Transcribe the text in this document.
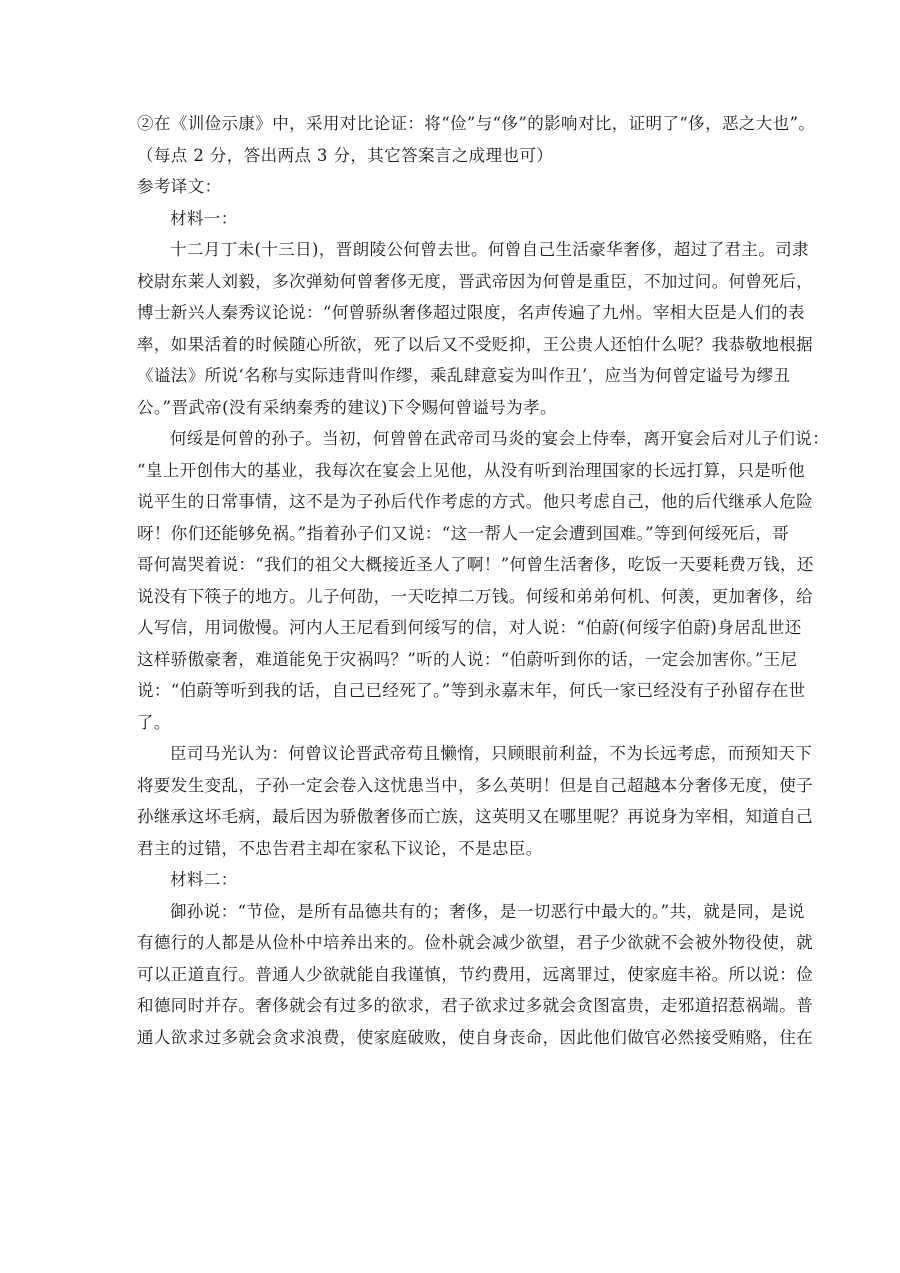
②在《训俭示康》中，采用对比论证：将“俭”与“侈”的影响对比，证明了“侈，恶之大也”。
（每点 2 分，答出两点 3 分，其它答案言之成理也可）
参考译文：
材料一：
十二月丁未(十三日)，晋朗陵公何曾去世。何曾自己生活豪华奢侈，超过了君主。司隶
校尉东莱人刘毅，多次弹劾何曾奢侈无度，晋武帝因为何曾是重臣，不加过问。何曾死后，
博士新兴人秦秀议论说：“何曾骄纵奢侈超过限度，名声传遍了九州。宰相大臣是人们的表
率，如果活着的时候随心所欲，死了以后又不受贬抑，王公贵人还怕什么呢？我恭敬地根据
《谥法》所说‘名称与实际违背叫作缪，乘乱肆意妄为叫作丑’，应当为何曾定谥号为缪丑
公。”晋武帝(没有采纳秦秀的建议)下令赐何曾谥号为孝。
何绥是何曾的孙子。当初，何曾曾在武帝司马炎的宴会上侍奉，离开宴会后对儿子们说：
“皇上开创伟大的基业，我每次在宴会上见他，从没有听到治理国家的长远打算，只是听他
说平生的日常事情，这不是为子孙后代作考虑的方式。他只考虑自己，他的后代继承人危险
呀！你们还能够免祸。”指着孙子们又说：“这一帮人一定会遭到国难。”等到何绥死后，哥
哥何嵩哭着说：“我们的祖父大概接近圣人了啊！”何曾生活奢侈，吃饭一天要耗费万钱，还
说没有下筷子的地方。儿子何劭，一天吃掉二万钱。何绥和弟弟何机、何羡，更加奢侈，给
人写信，用词傲慢。河内人王尼看到何绥写的信，对人说：“伯蔚(何绥字伯蔚)身居乱世还
这样骄傲豪奢，难道能免于灾祸吗？”听的人说：“伯蔚听到你的话，一定会加害你。”王尼
说：“伯蔚等听到我的话，自己已经死了。”等到永嘉末年，何氏一家已经没有子孙留存在世
了。
臣司马光认为：何曾议论晋武帝苟且懒惰，只顾眼前利益，不为长远考虑，而预知天下
将要发生变乱，子孙一定会卷入这忧患当中，多么英明！但是自己超越本分奢侈无度，使子
孙继承这坏毛病，最后因为骄傲奢侈而亡族，这英明又在哪里呢？再说身为宰相，知道自己
君主的过错，不忠告君主却在家私下议论，不是忠臣。
材料二：
御孙说：“节俭，是所有品德共有的；奢侈，是一切恶行中最大的。”共，就是同，是说
有德行的人都是从俭朴中培养出来的。俭朴就会减少欲望，君子少欲就不会被外物役使，就
可以正道直行。普通人少欲就能自我谨慎，节约费用，远离罪过，使家庭丰裕。所以说：俭
和德同时并存。奢侈就会有过多的欲求，君子欲求过多就会贪图富贵，走邪道招惹祸端。普
通人欲求过多就会贪求浪费，使家庭破败，使自身丧命，因此他们做官必然接受贿赂，住在
